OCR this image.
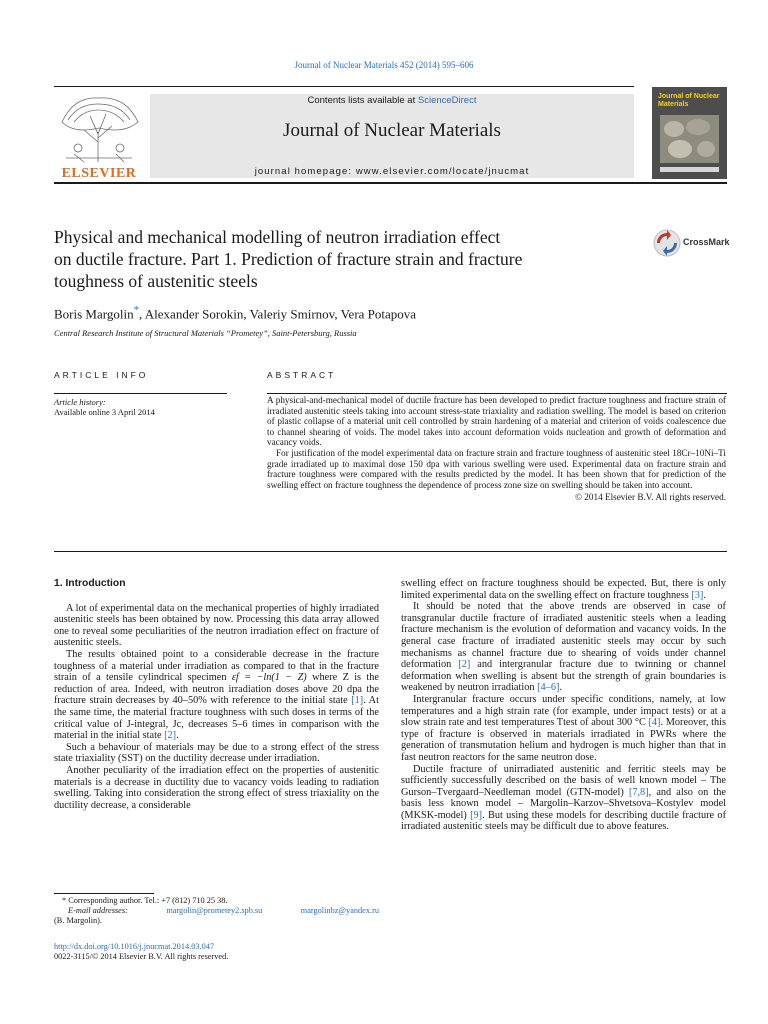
Journal of Nuclear Materials 452 (2014) 595–606
ELSEVIER
Contents lists available at ScienceDirect
Journal of Nuclear Materials
journal homepage: www.elsevier.com/locate/jnucmat
Journal of Nuclear Materials
Physical and mechanical modelling of neutron irradiation effect
on ductile fracture. Part 1. Prediction of fracture strain and fracture
toughness of austenitic steels
CrossMark
Boris Margolin*, Alexander Sorokin, Valeriy Smirnov, Vera Potapova
Central Research Institute of Structural Materials “Prometey”, Saint-Petersburg, Russia
ARTICLE INFO	ABSTRACT
Article history:
Available online 3 April 2014

A physical-and-mechanical model of ductile fracture has been developed to predict fracture toughness and fracture strain of irradiated austenitic steels taking into account stress-state triaxiality and radiation swelling. The model is based on criterion of plastic collapse of a material unit cell controlled by strain hardening of a material and criterion of voids coalescence due to channel shearing of voids. The model takes into account deformation voids nucleation and growth of deformation and vacancy voids.

For justification of the model experimental data on fracture strain and fracture toughness of austenitic steel 18Cr–10Ni–Ti grade irradiated up to maximal dose 150 dpa with various swelling were used. Experimental data on fracture strain and fracture toughness were compared with the results predicted by the model. It has been shown that for prediction of the swelling effect on fracture toughness the dependence of process zone size on swelling should be taken into account.

© 2014 Elsevier B.V. All rights reserved.
1. Introduction

A lot of experimental data on the mechanical properties of highly irradiated austenitic steels has been obtained by now. Processing this data array allowed one to reveal some peculiarities of the neutron irradiation effect on fracture of austenitic steels.

The results obtained point to a considerable decrease in the fracture toughness of a material under irradiation as compared to that in the fracture strain of a tensile cylindrical specimen εf = −ln(1 − Z) where Z is the reduction of area. Indeed, with neutron irradiation doses above 20 dpa the fracture strain decreases by 40–50% with reference to the initial state [1]. At the same time, the material fracture toughness with such doses in terms of the critical value of J-integral, Jc, decreases 5–6 times in comparison with the material in the initial state [2].

Such a behaviour of materials may be due to a strong effect of the stress state triaxiality (SST) on the ductility decrease under irradiation.

Another peculiarity of the irradiation effect on the properties of austenitic materials is a decrease in ductility due to vacancy voids leading to radiation swelling. Taking into consideration the strong effect of stress triaxiality on the ductility decrease, a considerable

swelling effect on fracture toughness should be expected. But, there is only limited experimental data on the swelling effect on fracture toughness [3].

It should be noted that the above trends are observed in case of transgranular ductile fracture of irradiated austenitic steels when a leading fracture mechanism is the evolution of deformation and vacancy voids. In the general case fracture of irradiated austenitic steels may occur by such mechanisms as channel fracture due to shearing of voids under channel deformation [2] and intergranular fracture due to twinning or channel deformation when swelling is absent but the strength of grain boundaries is weakened by neutron irradiation [4–6].

Intergranular fracture occurs under specific conditions, namely, at low temperatures and a high strain rate (for example, under impact tests) or at a slow strain rate and test temperatures Ttest of about 300 °C [4]. Moreover, this type of fracture is observed in materials irradiated in PWRs where the generation of transmutation helium and hydrogen is much higher than that in fast neutron reactors for the same neutron dose.

Ductile fracture of unirradiated austenitic and ferritic steels may be sufficiently successfully described on the basis of well known model – The Gurson–Tvergaard–Needleman model (GTN-model) [7,8], and also on the basis less known model – Margolin–Karzov–Shvetsova–Kostylev model (MKSK-model) [9]. But using these models for describing ductile fracture of irradiated austenitic steels may be difficult due to above features.

* Corresponding author. Tel.: +7 (812) 710 25 38.
E-mail addresses:	margolin@prometey2.spb.su	margolinbz@yandex.ru
(B. Margolin).
http://dx.doi.org/10.1016/j.jnucmat.2014.03.047
0022-3115/© 2014 Elsevier B.V. All rights reserved.
